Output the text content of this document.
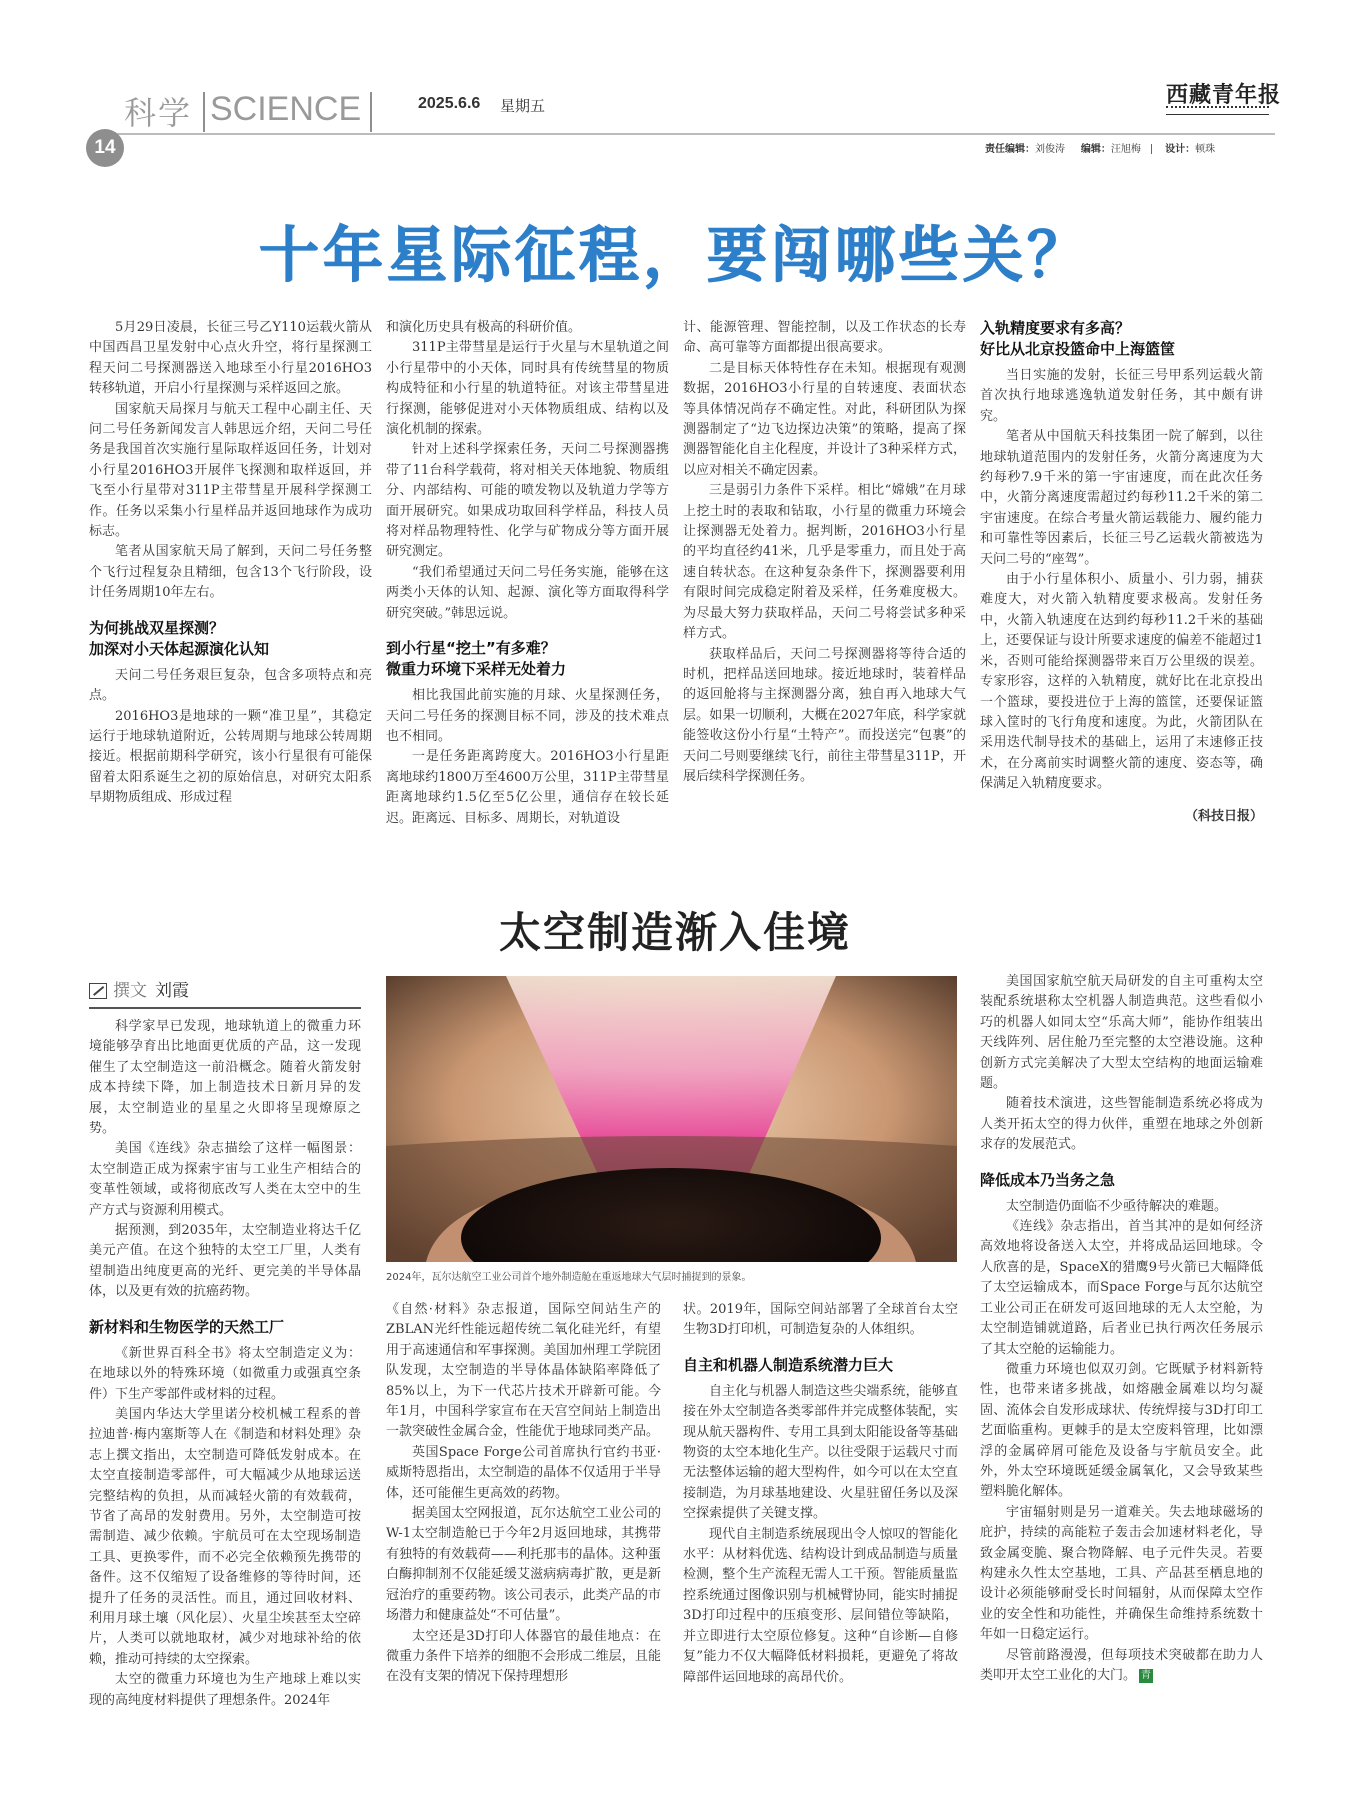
科学 SCIENCE
14
2025.6.6 星期五	西藏青年报
责任编辑：刘俊涛 编辑：汪旭梅 设计：顿珠
十年星际征程，要闯哪些关？

5月29日凌晨，长征三号乙Y110运载火箭从中国西昌卫星发射中心点火升空，将行星探测工程天问二号探测器送入地球至小行星2016HO3转移轨道，开启小行星探测与采样返回之旅。

国家航天局探月与航天工程中心副主任、天问二号任务新闻发言人韩思远介绍，天问二号任务是我国首次实施行星际取样返回任务，计划对小行星2016HO3开展伴飞探测和取样返回，并飞至小行星带对311P主带彗星开展科学探测工作。任务以采集小行星样品并返回地球作为成功标志。

笔者从国家航天局了解到，天问二号任务整个飞行过程复杂且精细，包含13个飞行阶段，设计任务周期10年左右。

为何挑战双星探测？
加深对小天体起源演化认知

天问二号任务艰巨复杂，包含多项特点和亮点。

2016HO3是地球的一颗“准卫星”，其稳定运行于地球轨道附近，公转周期与地球公转周期接近。根据前期科学研究，该小行星很有可能保留着太阳系诞生之初的原始信息，对研究太阳系早期物质组成、形成过程

和演化历史具有极高的科研价值。

311P主带彗星是运行于火星与木星轨道之间小行星带中的小天体，同时具有传统彗星的物质构成特征和小行星的轨道特征。对该主带彗星进行探测，能够促进对小天体物质组成、结构以及演化机制的探索。

针对上述科学探索任务，天问二号探测器携带了11台科学载荷，将对相关天体地貌、物质组分、内部结构、可能的喷发物以及轨道力学等方面开展研究。如果成功取回科学样品，科技人员将对样品物理特性、化学与矿物成分等方面开展研究测定。

“我们希望通过天问二号任务实施，能够在这两类小天体的认知、起源、演化等方面取得科学研究突破。”韩思远说。

到小行星“挖土”有多难？
微重力环境下采样无处着力

相比我国此前实施的月球、火星探测任务，天问二号任务的探测目标不同，涉及的技术难点也不相同。

一是任务距离跨度大。2016HO3小行星距离地球约1800万至4600万公里，311P主带彗星距离地球约1.5亿至5亿公里，通信存在较长延迟。距离远、目标多、周期长，对轨道设

计、能源管理、智能控制，以及工作状态的长寿命、高可靠等方面都提出很高要求。

二是目标天体特性存在未知。根据现有观测数据，2016HO3小行星的自转速度、表面状态等具体情况尚存不确定性。对此，科研团队为探测器制定了“边飞边探边决策”的策略，提高了探测器智能化自主化程度，并设计了3种采样方式，以应对相关不确定因素。

三是弱引力条件下采样。相比“嫦娥”在月球上挖土时的表取和钻取，小行星的微重力环境会让探测器无处着力。据判断，2016HO3小行星的平均直径约41米，几乎是零重力，而且处于高速自转状态。在这种复杂条件下，探测器要利用有限时间完成稳定附着及采样，任务难度极大。为尽最大努力获取样品，天问二号将尝试多种采样方式。

获取样品后，天问二号探测器将等待合适的时机，把样品送回地球。接近地球时，装着样品的返回舱将与主探测器分离，独自再入地球大气层。如果一切顺利，大概在2027年底，科学家就能签收这份小行星“土特产”。而投送完“包裹”的天问二号则要继续飞行，前往主带彗星311P，开展后续科学探测任务。

入轨精度要求有多高？
好比从北京投篮命中上海篮筐

当日实施的发射，长征三号甲系列运载火箭首次执行地球逃逸轨道发射任务，其中颇有讲究。

笔者从中国航天科技集团一院了解到，以往地球轨道范围内的发射任务，火箭分离速度为大约每秒7.9千米的第一宇宙速度，而在此次任务中，火箭分离速度需超过约每秒11.2千米的第二宇宙速度。在综合考量火箭运载能力、履约能力和可靠性等因素后，长征三号乙运载火箭被选为天问二号的“座驾”。

由于小行星体积小、质量小、引力弱，捕获难度大，对火箭入轨精度要求极高。发射任务中，火箭入轨速度在达到约每秒11.2千米的基础上，还要保证与设计所要求速度的偏差不能超过1米，否则可能给探测器带来百万公里级的误差。专家形容，这样的入轨精度，就好比在北京投出一个篮球，要投进位于上海的篮筐，还要保证篮球入筐时的飞行角度和速度。为此，火箭团队在采用迭代制导技术的基础上，运用了末速修正技术，在分离前实时调整火箭的速度、姿态等，确保满足入轨精度要求。

（科技日报）

太空制造渐入佳境
撰文 刘霞
2024年，瓦尔达航空工业公司首个地外制造舱在重返地球大气层时捕捉到的景象。

科学家早已发现，地球轨道上的微重力环境能够孕育出比地面更优质的产品，这一发现催生了太空制造这一前沿概念。随着火箭发射成本持续下降，加上制造技术日新月异的发展，太空制造业的星星之火即将呈现燎原之势。

美国《连线》杂志描绘了这样一幅图景：太空制造正成为探索宇宙与工业生产相结合的变革性领域，或将彻底改写人类在太空中的生产方式与资源利用模式。

据预测，到2035年，太空制造业将达千亿美元产值。在这个独特的太空工厂里，人类有望制造出纯度更高的光纤、更完美的半导体晶体，以及更有效的抗癌药物。

新材料和生物医学的天然工厂

《新世界百科全书》将太空制造定义为：在地球以外的特殊环境（如微重力或强真空条件）下生产零部件或材料的过程。

美国内华达大学里诺分校机械工程系的普拉迪普·梅内塞斯等人在《制造和材料处理》杂志上撰文指出，太空制造可降低发射成本。在太空直接制造零部件，可大幅减少从地球运送完整结构的负担，从而减轻火箭的有效载荷，节省了高昂的发射费用。另外，太空制造可按需制造、减少依赖。宇航员可在太空现场制造工具、更换零件，而不必完全依赖预先携带的备件。这不仅缩短了设备维修的等待时间，还提升了任务的灵活性。而且，通过回收材料、利用月球土壤（风化层）、火星尘埃甚至太空碎片，人类可以就地取材，减少对地球补给的依赖，推动可持续的太空探索。

太空的微重力环境也为生产地球上难以实现的高纯度材料提供了理想条件。2024年

《自然·材料》杂志报道，国际空间站生产的ZBLAN光纤性能远超传统二氧化硅光纤，有望用于高速通信和军事探测。美国加州理工学院团队发现，太空制造的半导体晶体缺陷率降低了85%以上，为下一代芯片技术开辟新可能。今年1月，中国科学家宣布在天宫空间站上制造出一款突破性金属合金，性能优于地球同类产品。

英国Space Forge公司首席执行官约书亚·威斯特恩指出，太空制造的晶体不仅适用于半导体，还可能催生更高效的药物。

据美国太空网报道，瓦尔达航空工业公司的W-1太空制造舱已于今年2月返回地球，其携带有独特的有效载荷——利托那韦的晶体。这种蛋白酶抑制剂不仅能延缓艾滋病病毒扩散，更是新冠治疗的重要药物。该公司表示，此类产品的市场潜力和健康益处“不可估量”。

太空还是3D打印人体器官的最佳地点：在微重力条件下培养的细胞不会形成二维层，且能在没有支架的情况下保持理想形

状。2019年，国际空间站部署了全球首台太空生物3D打印机，可制造复杂的人体组织。

自主和机器人制造系统潜力巨大

自主化与机器人制造这些尖端系统，能够直接在外太空制造各类零部件并完成整体装配，实现从航天器构件、专用工具到太阳能设备等基础物资的太空本地化生产。以往受限于运载尺寸而无法整体运输的超大型构件，如今可以在太空直接制造，为月球基地建设、火星驻留任务以及深空探索提供了关键支撑。

现代自主制造系统展现出令人惊叹的智能化水平：从材料优选、结构设计到成品制造与质量检测，整个生产流程无需人工干预。智能质量监控系统通过图像识别与机械臂协同，能实时捕捉3D打印过程中的压痕变形、层间错位等缺陷，并立即进行太空原位修复。这种“自诊断—自修复”能力不仅大幅降低材料损耗，更避免了将故障部件运回地球的高昂代价。

美国国家航空航天局研发的自主可重构太空装配系统堪称太空机器人制造典范。这些看似小巧的机器人如同太空“乐高大师”，能协作组装出天线阵列、居住舱乃至完整的太空港设施。这种创新方式完美解决了大型太空结构的地面运输难题。

随着技术演进，这些智能制造系统必将成为人类开拓太空的得力伙伴，重塑在地球之外创新求存的发展范式。

降低成本乃当务之急

太空制造仍面临不少亟待解决的难题。

《连线》杂志指出，首当其冲的是如何经济高效地将设备送入太空，并将成品运回地球。令人欣喜的是，SpaceX的猎鹰9号火箭已大幅降低了太空运输成本，而Space Forge与瓦尔达航空工业公司正在研发可返回地球的无人太空舱，为太空制造铺就道路，后者业已执行两次任务展示了其太空舱的运输能力。

微重力环境也似双刃剑。它既赋予材料新特性，也带来诸多挑战，如熔融金属难以均匀凝固、流体会自发形成球状、传统焊接与3D打印工艺面临重构。更棘手的是太空废料管理，比如漂浮的金属碎屑可能危及设备与宇航员安全。此外，外太空环境既延缓金属氧化，又会导致某些塑料脆化解体。

宇宙辐射则是另一道难关。失去地球磁场的庇护，持续的高能粒子轰击会加速材料老化，导致金属变脆、聚合物降解、电子元件失灵。若要构建永久性太空基地，工具、产品甚至栖息地的设计必须能够耐受长时间辐射，从而保障太空作业的安全性和功能性，并确保生命维持系统数十年如一日稳定运行。

尽管前路漫漫，但每项技术突破都在助力人类叩开太空工业化的大门。 青
